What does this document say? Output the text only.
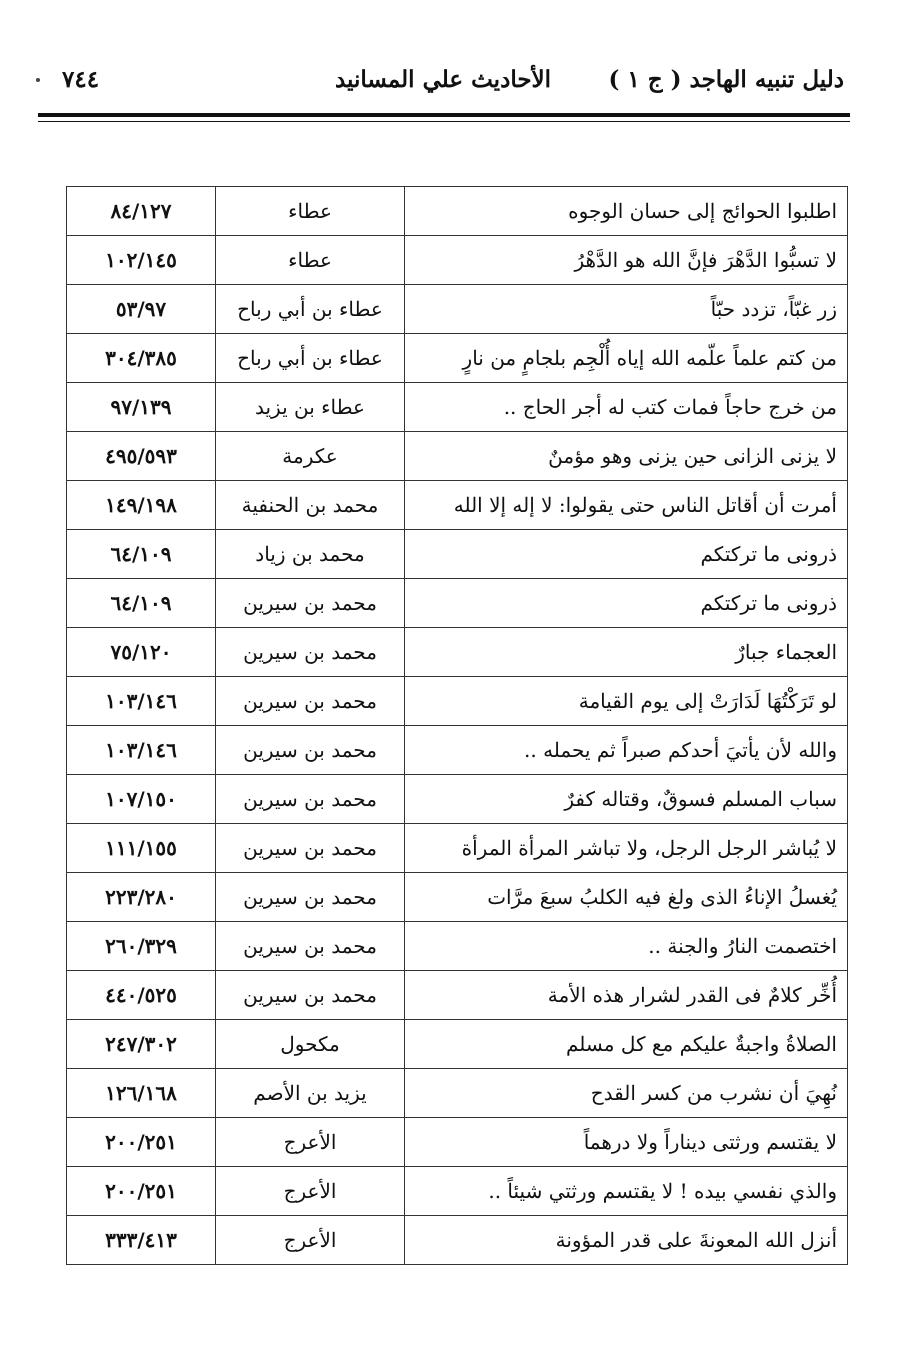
دليل تنبيه الهاجد ( ج ١ )
الأحاديث علي المسانيد
٧٤٤
اطلبوا الحوائج إلى حسان الوجوه	عطاء	٨٤/١٢٧
لا تسبُّوا الدَّهْرَ فإنَّ الله هو الدَّهْرُ	عطاء	١٠٢/١٤٥
زر غبّاً، تزدد حبّاً	عطاء بن أبي رباح	٥٣/٩٧
من كتم علماً علّمه الله إياه أُلْجِم بلجامٍ من نارٍ	عطاء بن أبي رباح	٣٠٤/٣٨٥
من خرج حاجاً فمات كتب له أجر الحاج ..	عطاء بن يزيد	٩٧/١٣٩
لا يزنى الزانى حين يزنى وهو مؤمنٌ	عكرمة	٤٩٥/٥٩٣
أمرت أن أقاتل الناس حتى يقولوا: لا إله إلا الله	محمد بن الحنفية	١٤٩/١٩٨
ذرونى ما تركتكم	محمد بن زياد	٦٤/١٠٩
ذرونى ما تركتكم	محمد بن سيرين	٦٤/١٠٩
العجماء جبارٌ	محمد بن سيرين	٧٥/١٢٠
لو تَرَكْتُهَا لَدَارَتْ إلى يوم القيامة	محمد بن سيرين	١٠٣/١٤٦
والله لأن يأتيَ أحدكم صبراً ثم يحمله ..	محمد بن سيرين	١٠٣/١٤٦
سباب المسلم فسوقٌ، وقتاله كفرٌ	محمد بن سيرين	١٠٧/١٥٠
لا يُباشر الرجل الرجل، ولا تباشر المرأة المرأة	محمد بن سيرين	١١١/١٥٥
يُغسلُ الإناءُ الذى ولغ فيه الكلبُ سبعَ مرَّات	محمد بن سيرين	٢٢٣/٢٨٠
اختصمت النارُ والجنة ..	محمد بن سيرين	٢٦٠/٣٢٩
أُخِّر كلامٌ فى القدر لشرار هذه الأمة	محمد بن سيرين	٤٤٠/٥٢٥
الصلاةُ واجبةٌ عليكم مع كل مسلم	مكحول	٢٤٧/٣٠٢
نُهِيَ أن نشرب من كسر القدح	يزيد بن الأصم	١٢٦/١٦٨
لا يقتسم ورثتى ديناراً ولا درهماً	الأعرج	٢٠٠/٢٥١
والذي نفسي بيده ! لا يقتسم ورثتي شيئاً ..	الأعرج	٢٠٠/٢٥١
أنزل الله المعونةَ على قدر المؤونة	الأعرج	٣٣٣/٤١٣
